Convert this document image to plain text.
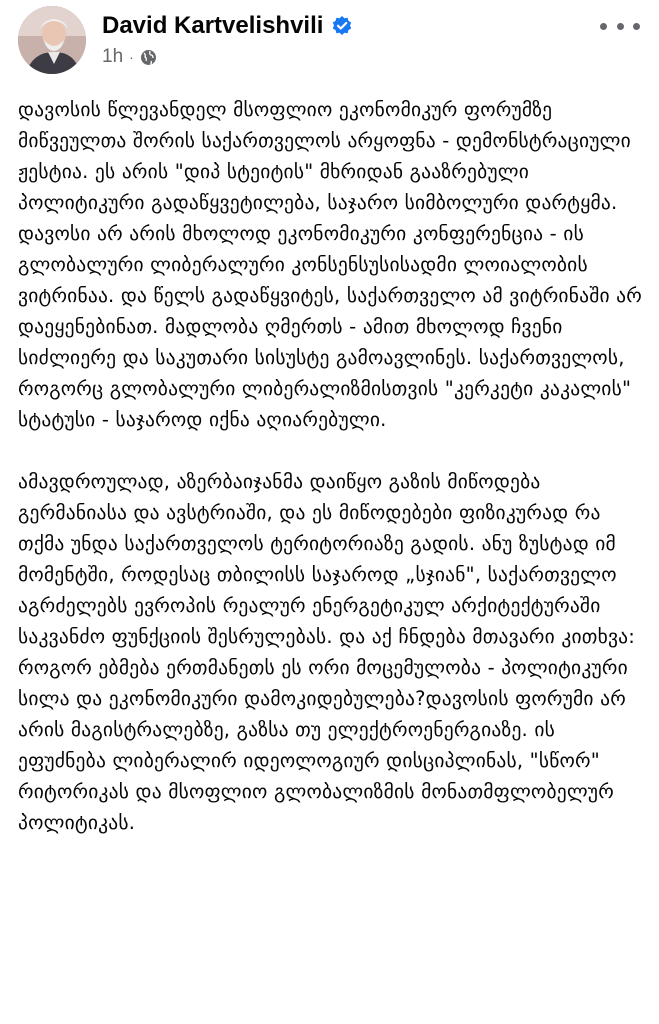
David Kartvelishvili
1h ·

დავოსის წლევანდელ მსოფლიო ეკონომიკურ ფორუმზე მიწვეულთა შორის საქართველოს არყოფნა - დემონსტრაციული ჟესტია. ეს არის "დიპ სტეიტის" მხრიდან გააზრებული პოლიტიკური გადაწყვეტილება, საჯარო სიმბოლური დარტყმა. დავოსი არ არის მხოლოდ ეკონომიკური კონფერენცია - ის გლობალური ლიბერალური კონსენსუსისადმი ლოიალობის ვიტრინაა. და წელს გადაწყვიტეს, საქართველო ამ ვიტრინაში არ დაეყენებინათ. მადლობა ღმერთს - ამით მხოლოდ ჩვენი სიძლიერე და საკუთარი სისუსტე გამოავლინეს. საქართველოს, როგორც გლობალური ლიბერალიზმისთვის "კერკეტი კაკალის" სტატუსი - საჯაროდ იქნა აღიარებული.

ამავდროულად, აზერბაიჯანმა დაიწყო გაზის მიწოდება გერმანიასა და ავსტრიაში, და ეს მიწოდებები ფიზიკურად რა თქმა უნდა საქართველოს ტერიტორიაზე გადის. ანუ ზუსტად იმ მომენტში, როდესაც თბილისს საჯაროდ „სჯიან", საქართველო აგრძელებს ევროპის რეალურ ენერგეტიკულ არქიტექტურაში საკვანძო ფუნქციის შესრულებას. და აქ ჩნდება მთავარი კითხვა: როგორ ებმება ერთმანეთს ეს ორი მოცემულობა - პოლიტიკური სილა და ეკონომიკური დამოკიდებულება?დავოსის ფორუმი არ არის მაგისტრალებზე, გაზსა თუ ელექტროენერგიაზე. ის ეფუძნება ლიბერალირ იდეოლოგიურ დისციპლინას, "სწორ" რიტორიკას და მსოფლიო გლობალიზმის მონათმფლობელურ პოლიტიკას.
